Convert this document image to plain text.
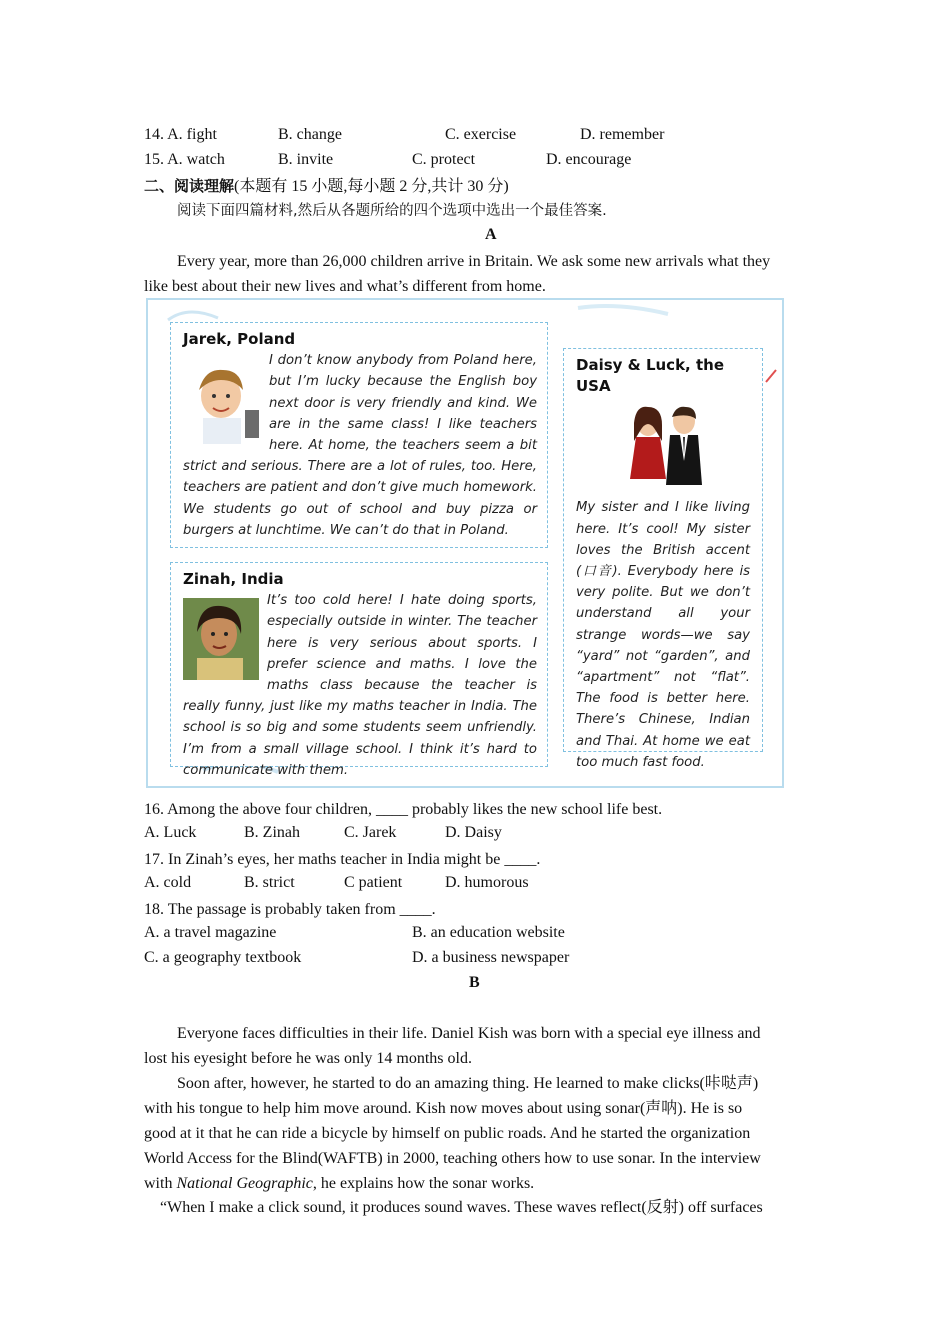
14. A. fight	B. change	C. exercise	D. remember
15. A. watch	B. invite	C. protect	D. encourage
二、阅读理解(本题有 15 小题,每小题 2 分,共计 30 分)
阅读下面四篇材料,然后从各题所给的四个选项中选出一个最佳答案.
A
Every year, more than 26,000 children arrive in Britain. We ask some new arrivals what they
like best about their new lives and what’s different from home.
Jarek, Poland
I don’t know anybody from Poland here, but I’m lucky because the English boy next door is very friendly and kind. We are in the same class! I like teachers here. At home, the teachers seem a bit strict and serious. There are a lot of rules, too. Here, teachers are patient and don’t give much homework. We students go out of school and buy pizza or burgers at lunchtime. We can’t do that in Poland.
Zinah, India
It’s too cold here! I hate doing sports, especially outside in winter. The teacher here is very serious about sports. I prefer science and maths. I love the maths class because the teacher is really funny, just like my maths teacher in India. The school is so big and some students seem unfriendly. I’m from a small village school. I think it’s hard to communicate with them.
Daisy & Luck, the USA
My sister and I like living here. It’s cool! My sister loves the British accent (口音). Everybody here is very polite. But we don’t understand all your strange words—we say “yard” not “garden”, and “apartment” not “flat”. The food is better here. There’s Chinese, Indian and Thai. At home we eat too much fast food.
16. Among the above four children, ____ probably likes the new school life best.
A. Luck	B. Zinah	C. Jarek	D. Daisy
17. In Zinah’s eyes, her maths teacher in India might be ____.
A. cold	B. strict	C patient	D. humorous
18. The passage is probably taken from ____.
A. a travel magazine	B. an education website
C. a geography textbook	D. a business newspaper
B
Everyone faces difficulties in their life. Daniel Kish was born with a special eye illness and
lost his eyesight before he was only 14 months old.
Soon after, however, he started to do an amazing thing. He learned to make clicks(咔哒声)
with his tongue to help him move around. Kish now moves about using sonar(声呐). He is so
good at it that he can ride a bicycle by himself on public roads. And he started the organization
World Access for the Blind(WAFTB) in 2000, teaching others how to use sonar. In the interview
with National Geographic, he explains how the sonar works.
“When I make a click sound, it produces sound waves. These waves reflect(反射) off surfaces
